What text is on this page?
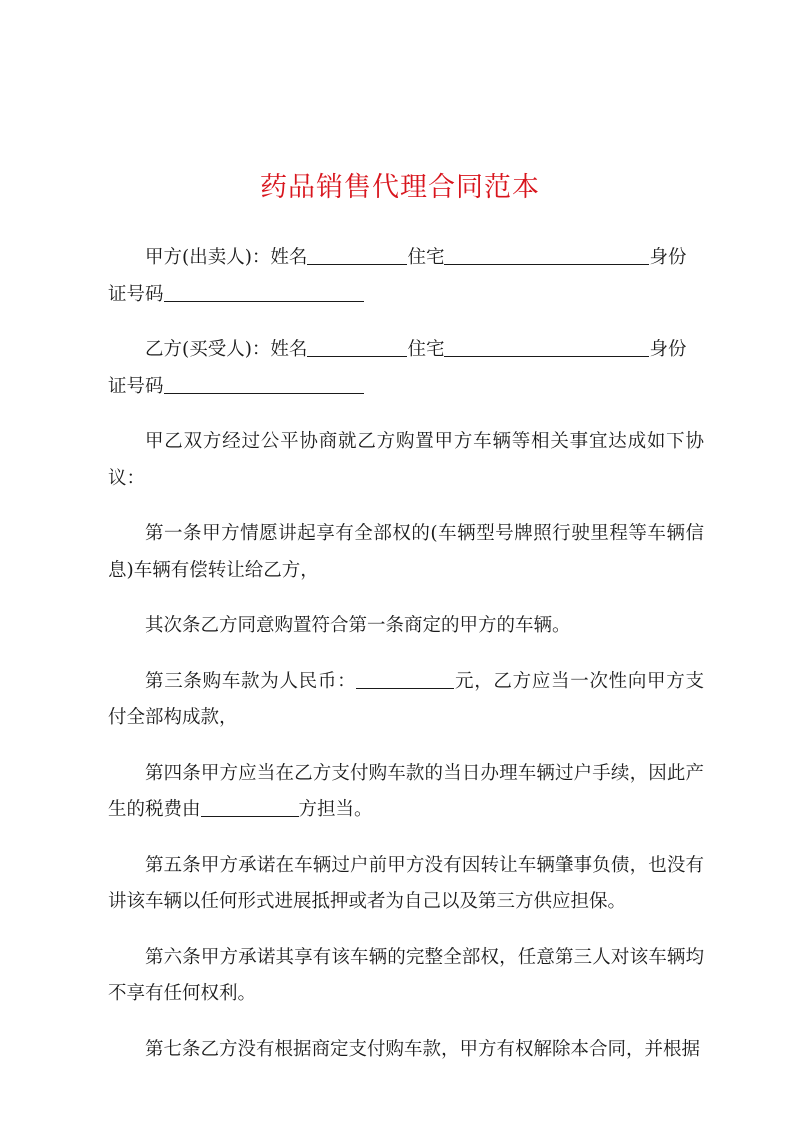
药品销售代理合同范本

甲方(出卖人)：姓名	住宅	身份
证号码

乙方(买受人)：姓名	住宅	身份
证号码

甲乙双方经过公平协商就乙方购置甲方车辆等相关事宜达成如下协议：

第一条甲方情愿讲起享有全部权的(车辆型号牌照行驶里程等车辆信息)车辆有偿转让给乙方，

其次条乙方同意购置符合第一条商定的甲方的车辆。

第三条购车款为人民币：	元，乙方应当一次性向甲方支付全部构成款，

第四条甲方应当在乙方支付购车款的当日办理车辆过户手续，因此产生的税费由	方担当。

第五条甲方承诺在车辆过户前甲方没有因转让车辆肇事负债，也没有讲该车辆以任何形式进展抵押或者为自己以及第三方供应担保。

第六条甲方承诺其享有该车辆的完整全部权，任意第三人对该车辆均不享有任何权利。

第七条乙方没有根据商定支付购车款，甲方有权解除本合同，并根据
